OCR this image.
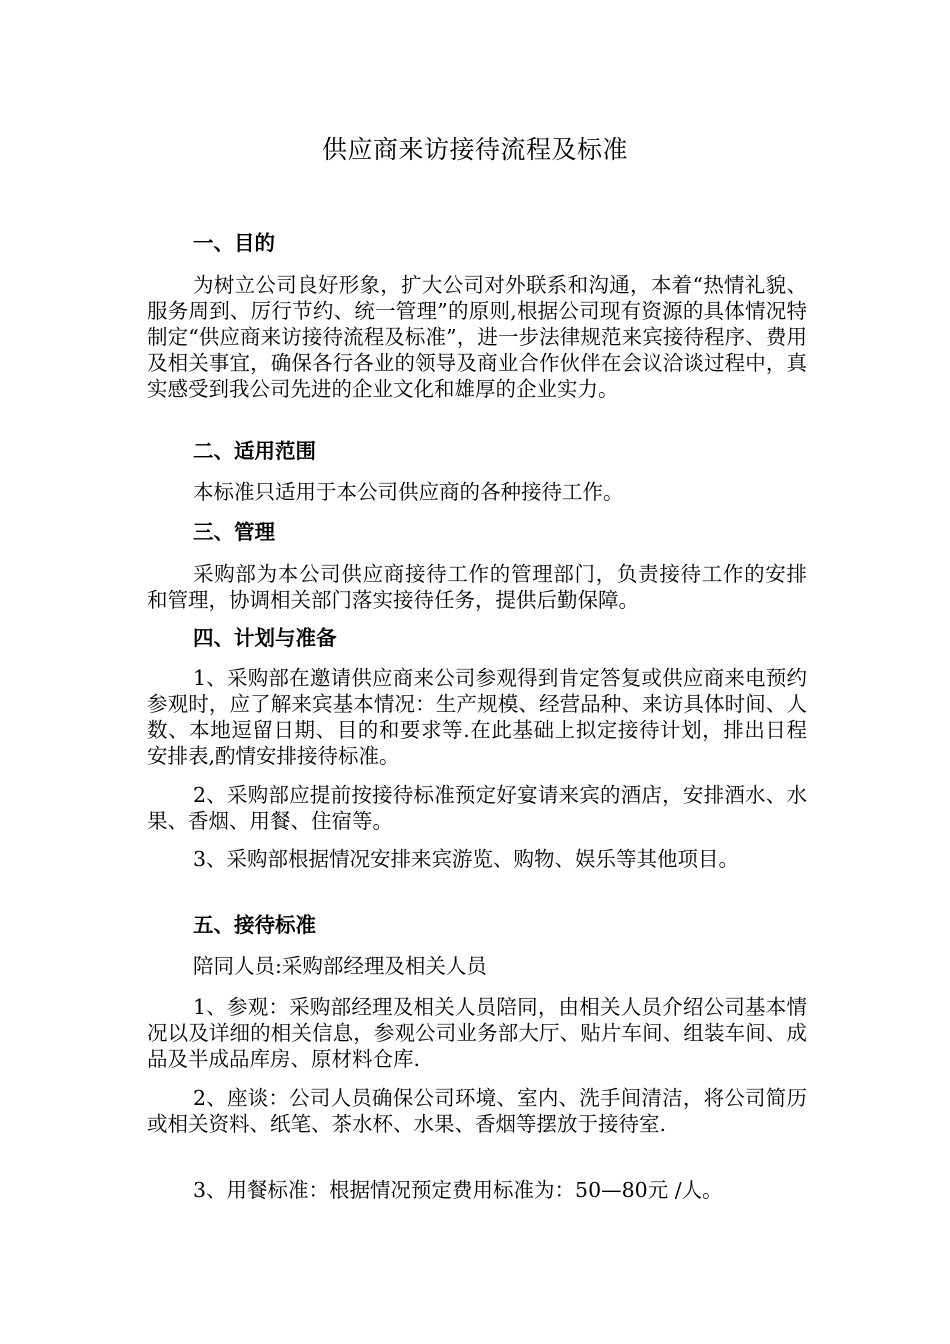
供应商来访接待流程及标准
一、目的

为树立公司良好形象，扩大公司对外联系和沟通，本着“热情礼貌、服务周到、厉行节约、统一管理”的原则,根据公司现有资源的具体情况特制定“供应商来访接待流程及标准”，进一步法律规范来宾接待程序、费用及相关事宜，确保各行各业的领导及商业合作伙伴在会议洽谈过程中，真实感受到我公司先进的企业文化和雄厚的企业实力。

二、适用范围

本标准只适用于本公司供应商的各种接待工作。

三、管理

采购部为本公司供应商接待工作的管理部门，负责接待工作的安排和管理，协调相关部门落实接待任务，提供后勤保障。

四、计划与准备

1、采购部在邀请供应商来公司参观得到肯定答复或供应商来电预约参观时，应了解来宾基本情况：生产规模、经营品种、来访具体时间、人数、本地逗留日期、目的和要求等.在此基础上拟定接待计划，排出日程安排表,酌情安排接待标准。

2、采购部应提前按接待标准预定好宴请来宾的酒店，安排酒水、水果、香烟、用餐、住宿等。

3、采购部根据情况安排来宾游览、购物、娱乐等其他项目。

五、接待标准

陪同人员:采购部经理及相关人员

1、参观：采购部经理及相关人员陪同，由相关人员介绍公司基本情况以及详细的相关信息，参观公司业务部大厅、贴片车间、组装车间、成品及半成品库房、原材料仓库.

2、座谈：公司人员确保公司环境、室内、洗手间清洁，将公司简历或相关资料、纸笔、茶水杯、水果、香烟等摆放于接待室.

3、用餐标准：根据情况预定费用标准为：50—80元 /人。
